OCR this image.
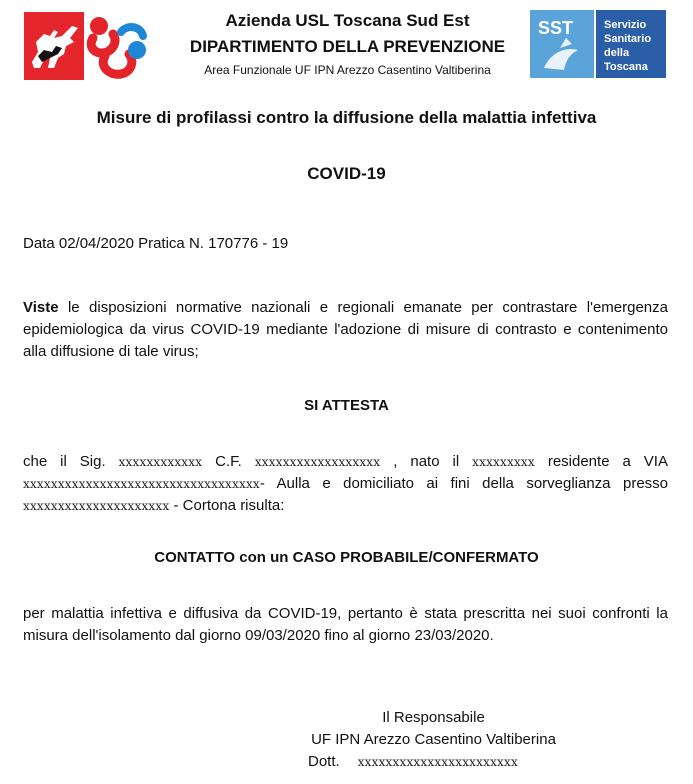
Azienda USL Toscana Sud Est
DIPARTIMENTO DELLA PREVENZIONE
Area Funzionale UF IPN Arezzo Casentino Valtiberina
SST	Servizio
Sanitario
della
Toscana
Misure di profilassi contro la diffusione della malattia infettiva
COVID-19
Data 02/04/2020 Pratica N. 170776 - 19
Viste le disposizioni normative nazionali e regionali emanate per contrastare l'emergenza epidemiologica da virus COVID-19 mediante l'adozione di misure di contrasto e contenimento alla diffusione di tale virus;
SI ATTESTA
che il Sig. xxxxxxxxxxxx C.F. xxxxxxxxxxxxxxxxxx , nato il xxxxxxxxx residente a VIA xxxxxxxxxxxxxxxxxxxxxxxxxxxxxxxxxx- Aulla e domiciliato ai fini della sorveglianza presso xxxxxxxxxxxxxxxxxxxxx - Cortona risulta:
CONTATTO con un CASO PROBABILE/CONFERMATO
per malattia infettiva e diffusiva da COVID-19, pertanto è stata prescritta nei suoi confronti la misura dell'isolamento dal giorno 09/03/2020 fino al giorno 23/03/2020.
Il Responsabile
UF IPN Arezzo Casentino Valtiberina
Dott. xxxxxxxxxxxxxxxxxxxxxxx
